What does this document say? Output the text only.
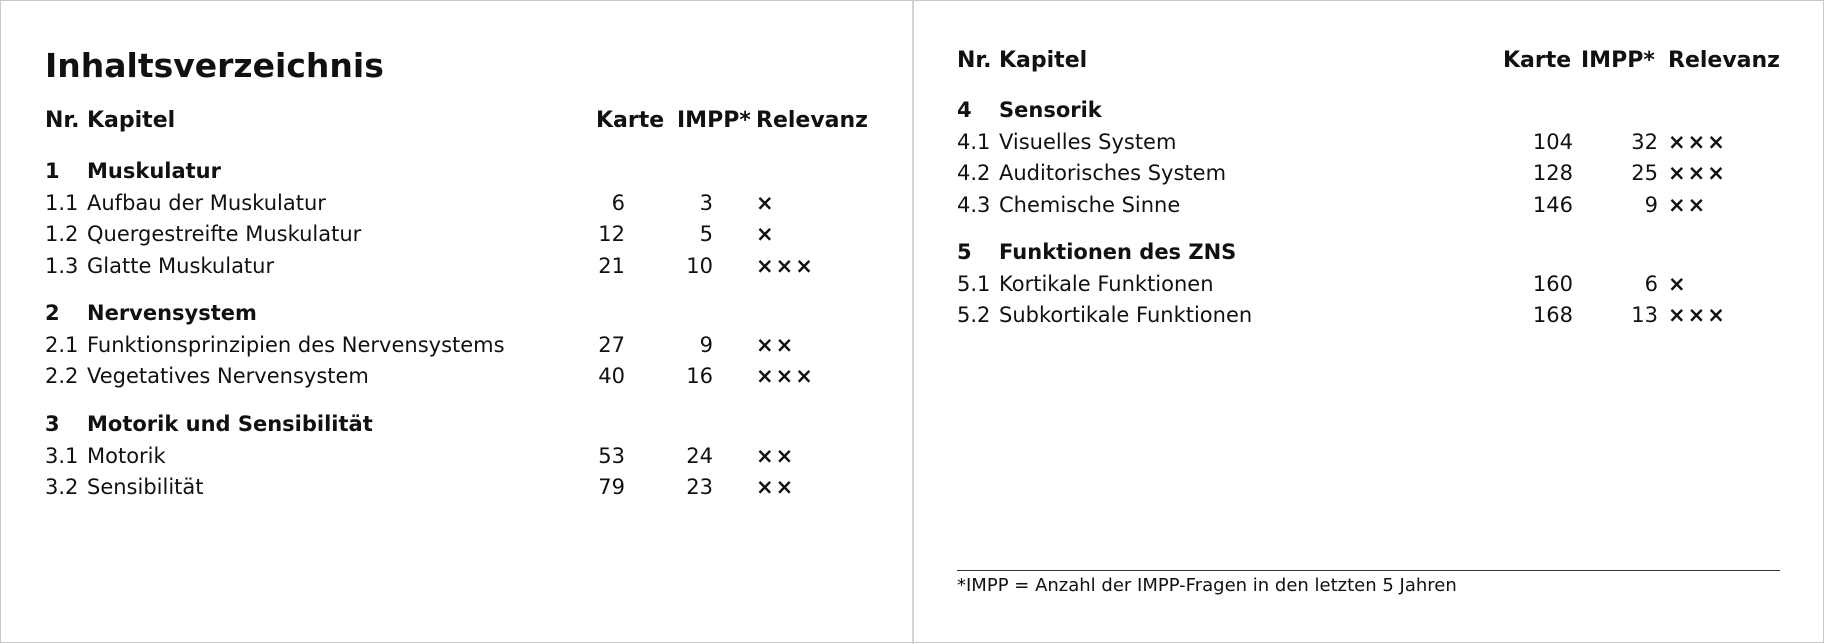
Inhaltsverzeichnis
Nr. Kapitel	Karte IMPP* Relevanz
1 Muskulatur
1.1 Aufbau der Muskulatur	6	3 ×
1.2 Quergestreifte Muskulatur	12	5 ×
1.3 Glatte Muskulatur	21	10 ×××
2 Nervensystem
2.1 Funktionsprinzipien des Nervensystems	27	9 ××
2.2 Vegetatives Nervensystem	40	16 ×××
3 Motorik und Sensibilität
3.1 Motorik	53	24 ××
3.2 Sensibilität	79	23 ××
Nr. Kapitel	Karte IMPP* Relevanz
4 Sensorik
4.1 Visuelles System	104	32 ×××
4.2 Auditorisches System	128	25 ×××
4.3 Chemische Sinne	146	9 ××
5 Funktionen des ZNS
5.1 Kortikale Funktionen	160	6 ×
5.2 Subkortikale Funktionen	168	13 ×××
*IMPP = Anzahl der IMPP-Fragen in den letzten 5 Jahren
